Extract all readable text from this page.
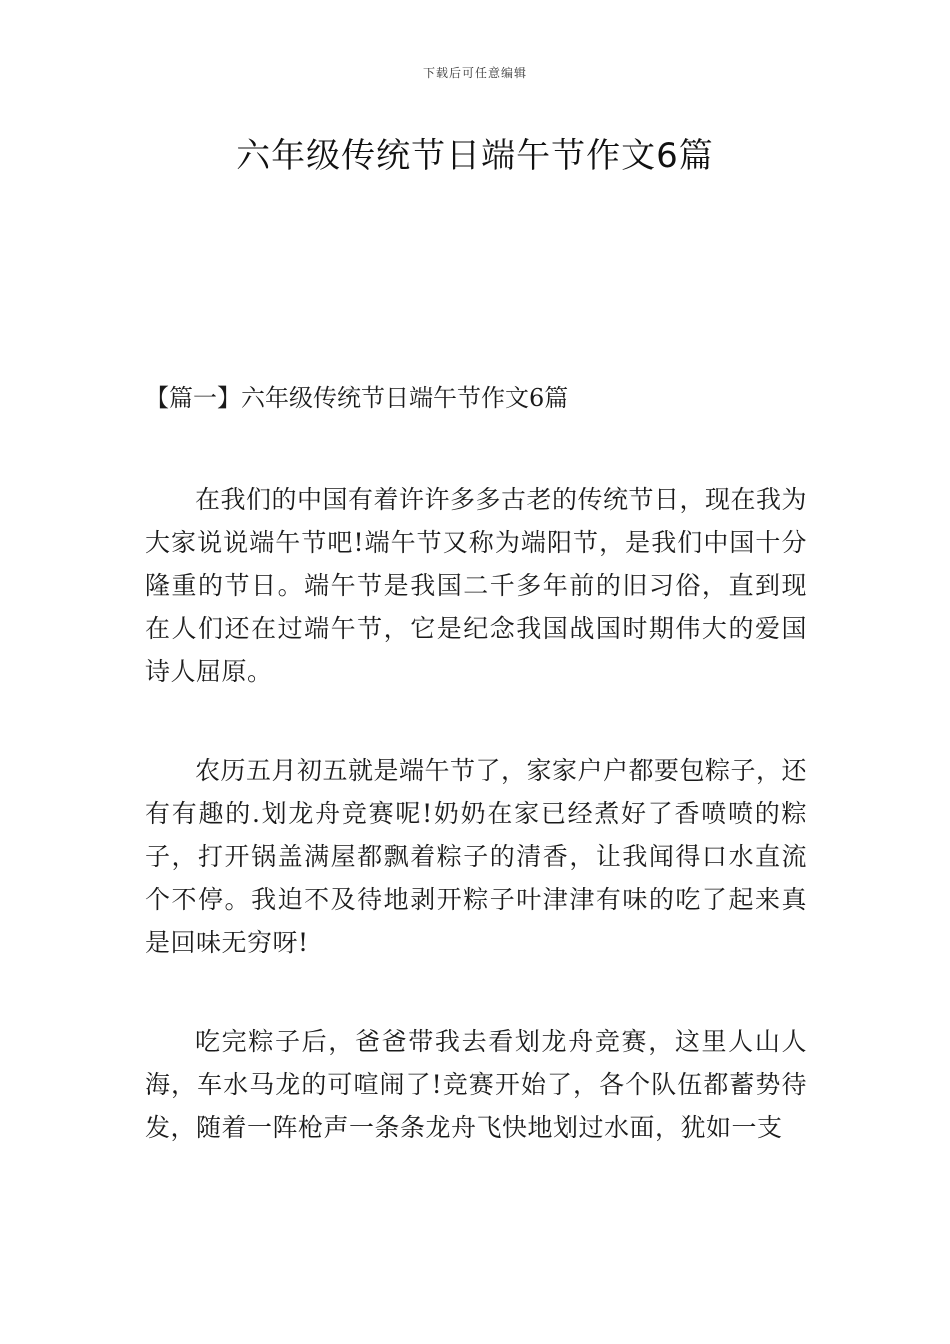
下载后可任意编辑
六年级传统节日端午节作文6篇
【篇一】六年级传统节日端午节作文6篇

在我们的中国有着许许多多古老的传统节日，现在我为大家说说端午节吧!端午节又称为端阳节，是我们中国十分隆重的节日。端午节是我国二千多年前的旧习俗，直到现在人们还在过端午节，它是纪念我国战国时期伟大的爱国诗人屈原。

农历五月初五就是端午节了，家家户户都要包粽子，还有有趣的.划龙舟竞赛呢!奶奶在家已经煮好了香喷喷的粽子，打开锅盖满屋都飘着粽子的清香，让我闻得口水直流个不停。我迫不及待地剥开粽子叶津津有味的吃了起来真是回味无穷呀!

吃完粽子后，爸爸带我去看划龙舟竞赛，这里人山人海，车水马龙的可喧闹了!竞赛开始了，各个队伍都蓄势待发，随着一阵枪声一条条龙舟飞快地划过水面，犹如一支
